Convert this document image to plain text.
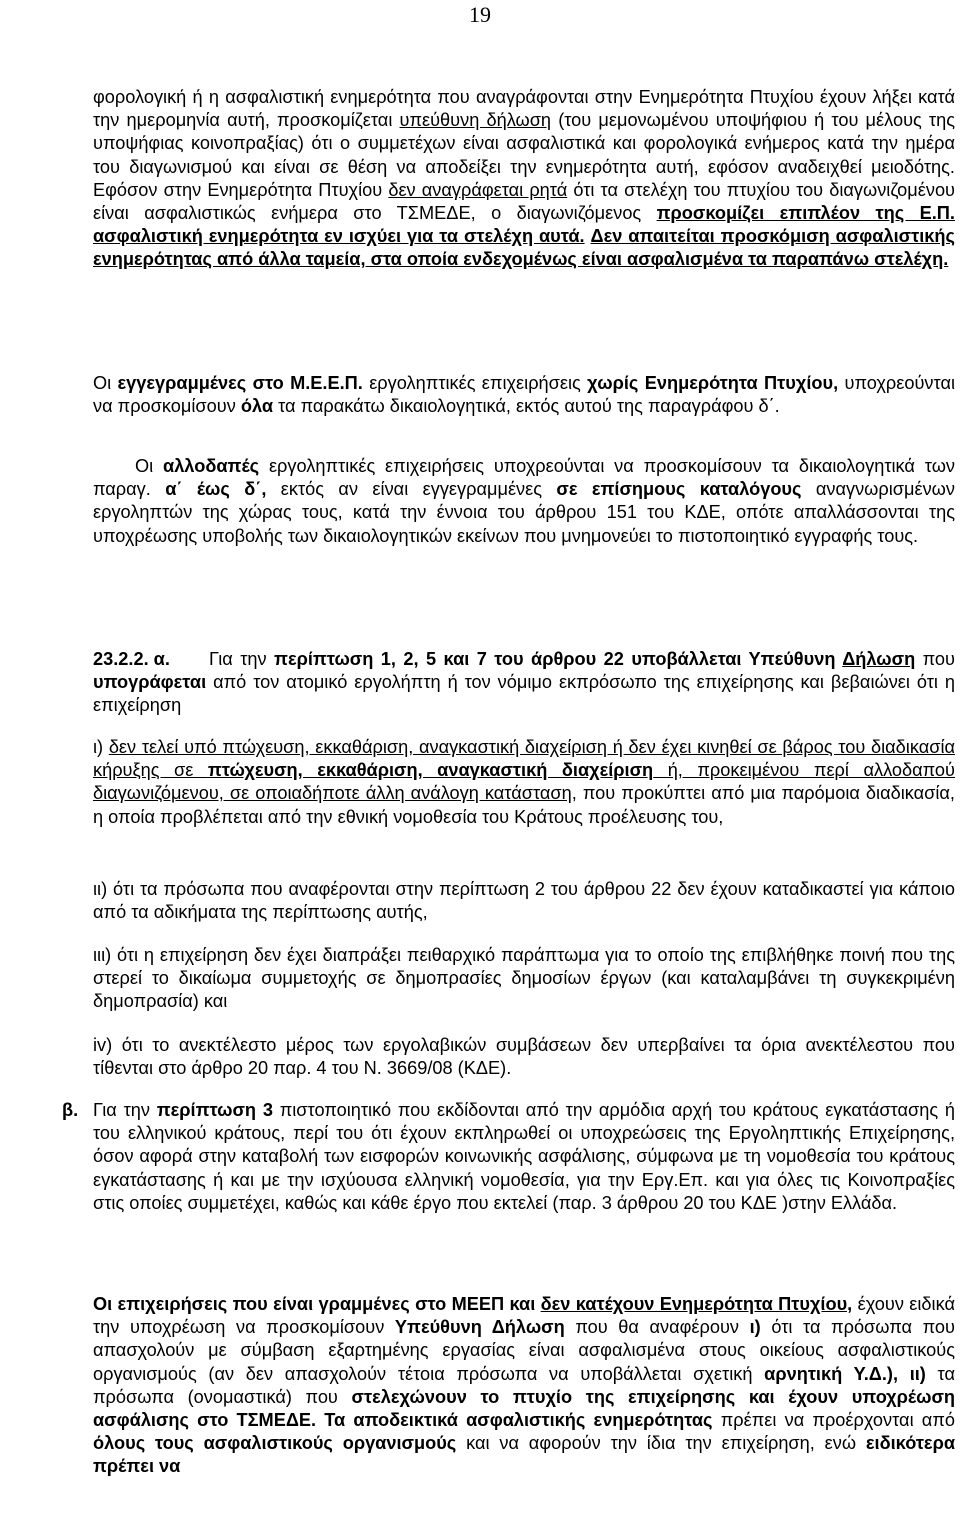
19

φορολογική ή η ασφαλιστική ενημερότητα που αναγράφονται στην Ενημερότητα Πτυχίου έχουν λήξει κατά την ημερομηνία αυτή, προσκομίζεται υπεύθυνη δήλωση (του μεμονωμένου υποψήφιου ή του μέλους της υποψήφιας κοινοπραξίας) ότι ο συμμετέχων είναι ασφαλιστικά και φορολογικά ενήμερος κατά την ημέρα του διαγωνισμού και είναι σε θέση να αποδείξει την ενημερότητα αυτή, εφόσον αναδειχθεί μειοδότης. Εφόσον στην Ενημερότητα Πτυχίου δεν αναγράφεται ρητά ότι τα στελέχη του πτυχίου του διαγωνιζομένου είναι ασφαλιστικώς ενήμερα στο ΤΣΜΕΔΕ, ο διαγωνιζόμενος προσκομίζει επιπλέον της Ε.Π. ασφαλιστική ενημερότητα εν ισχύει για τα στελέχη αυτά. Δεν απαιτείται προσκόμιση ασφαλιστικής ενημερότητας από άλλα ταμεία, στα οποία ενδεχομένως είναι ασφαλισμένα τα παραπάνω στελέχη.

Οι εγγεγραμμένες στο Μ.Ε.Ε.Π. εργοληπτικές επιχειρήσεις χωρίς Ενημερότητα Πτυχίου, υποχρεούνται να προσκομίσουν όλα τα παρακάτω δικαιολογητικά, εκτός αυτού της παραγράφου δ΄.

Οι αλλοδαπές εργοληπτικές επιχειρήσεις υποχρεούνται να προσκομίσουν τα δικαιολογητικά των παραγ. α΄ έως δ΄, εκτός αν είναι εγγεγραμμένες σε επίσημους καταλόγους αναγνωρισμένων εργοληπτών της χώρας τους, κατά την έννοια του άρθρου 151 του ΚΔΕ, οπότε απαλλάσσονται της υποχρέωσης υποβολής των δικαιολογητικών εκείνων που μνημονεύει το πιστοποιητικό εγγραφής τους.

23.2.2. α.	Για την περίπτωση 1, 2, 5 και 7 του άρθρου 22 υποβάλλεται Υπεύθυνη Δήλωση που υπογράφεται από τον ατομικό εργολήπτη ή τον νόμιμο εκπρόσωπο της επιχείρησης και βεβαιώνει ότι η επιχείρηση

ι) δεν τελεί υπό πτώχευση, εκκαθάριση, αναγκαστική διαχείριση ή δεν έχει κινηθεί σε βάρος του διαδικασία κήρυξης σε πτώχευση, εκκαθάριση, αναγκαστική διαχείριση ή, προκειμένου περί αλλοδαπού διαγωνιζόμενου, σε οποιαδήποτε άλλη ανάλογη κατάσταση, που προκύπτει από μια παρόμοια διαδικασία, η οποία προβλέπεται από την εθνική νομοθεσία του Κράτους προέλευσης του,

ιι) ότι τα πρόσωπα που αναφέρονται στην περίπτωση 2 του άρθρου 22 δεν έχουν καταδικαστεί για κάποιο από τα αδικήματα της περίπτωσης αυτής,

ιιι) ότι η επιχείρηση δεν έχει διαπράξει πειθαρχικό παράπτωμα για το οποίο της επιβλήθηκε ποινή που της στερεί το δικαίωμα συμμετοχής σε δημοπρασίες δημοσίων έργων (και καταλαμβάνει τη συγκεκριμένη δημοπρασία) και

iv) ότι το ανεκτέλεστο μέρος των εργολαβικών συμβάσεων δεν υπερβαίνει τα όρια ανεκτέλεστου που τίθενται στο άρθρο 20 παρ. 4 του Ν. 3669/08 (ΚΔΕ).

β. Για την περίπτωση 3 πιστοποιητικό που εκδίδονται από την αρμόδια αρχή του κράτους εγκατάστασης ή του ελληνικού κράτους, περί του ότι έχουν εκπληρωθεί οι υποχρεώσεις της Εργοληπτικής Επιχείρησης, όσον αφορά στην καταβολή των εισφορών κοινωνικής ασφάλισης, σύμφωνα με τη νομοθεσία του κράτους εγκατάστασης ή και με την ισχύουσα ελληνική νομοθεσία, για την Εργ.Επ. και για όλες τις Κοινοπραξίες στις οποίες συμμετέχει, καθώς και κάθε έργο που εκτελεί (παρ. 3 άρθρου 20 του ΚΔΕ )στην Ελλάδα.

Οι επιχειρήσεις που είναι γραμμένες στο ΜΕΕΠ και δεν κατέχουν Ενημερότητα Πτυχίου, έχουν ειδικά την υποχρέωση να προσκομίσουν Υπεύθυνη Δήλωση που θα αναφέρουν ι) ότι τα πρόσωπα που απασχολούν με σύμβαση εξαρτημένης εργασίας είναι ασφαλισμένα στους οικείους ασφαλιστικούς οργανισμούς (αν δεν απασχολούν τέτοια πρόσωπα να υποβάλλεται σχετική αρνητική Υ.Δ.), ιι) τα πρόσωπα (ονομαστικά) που στελεχώνουν το πτυχίο της επιχείρησης και έχουν υποχρέωση ασφάλισης στο ΤΣΜΕΔΕ. Τα αποδεικτικά ασφαλιστικής ενημερότητας πρέπει να προέρχονται από όλους τους ασφαλιστικούς οργανισμούς και να αφορούν την ίδια την επιχείρηση, ενώ ειδικότερα πρέπει να
